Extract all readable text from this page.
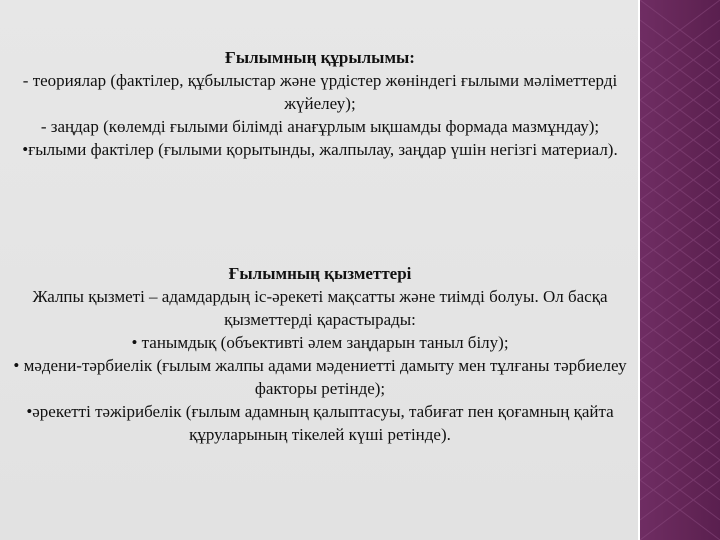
Ғылымның құрылымы:

- теориялар (фактілер, құбылыстар және үрдістер жөніндегі ғылыми мәліметтерді жүйелеу);

- заңдар (көлемді ғылыми білімді анағұрлым ықшамды формада мазмұндау);

•ғылыми фактілер (ғылыми қорытынды, жалпылау, заңдар үшін негізгі материал).

Ғылымның қызметтері

Жалпы қызметі – адамдардың іс-әрекеті мақсатты және тиімді болуы. Ол басқа қызметтерді қарастырады:

• танымдық (объективті әлем заңдарын таныл білу);

• мәдени-тәрбиелік (ғылым жалпы адами мәдениетті дамыту мен тұлғаны тәрбиелеу факторы ретінде);

•әрекетті тәжірибелік (ғылым адамның қалыптасуы, табиғат пен қоғамның қайта құруларының тікелей күші ретінде).
